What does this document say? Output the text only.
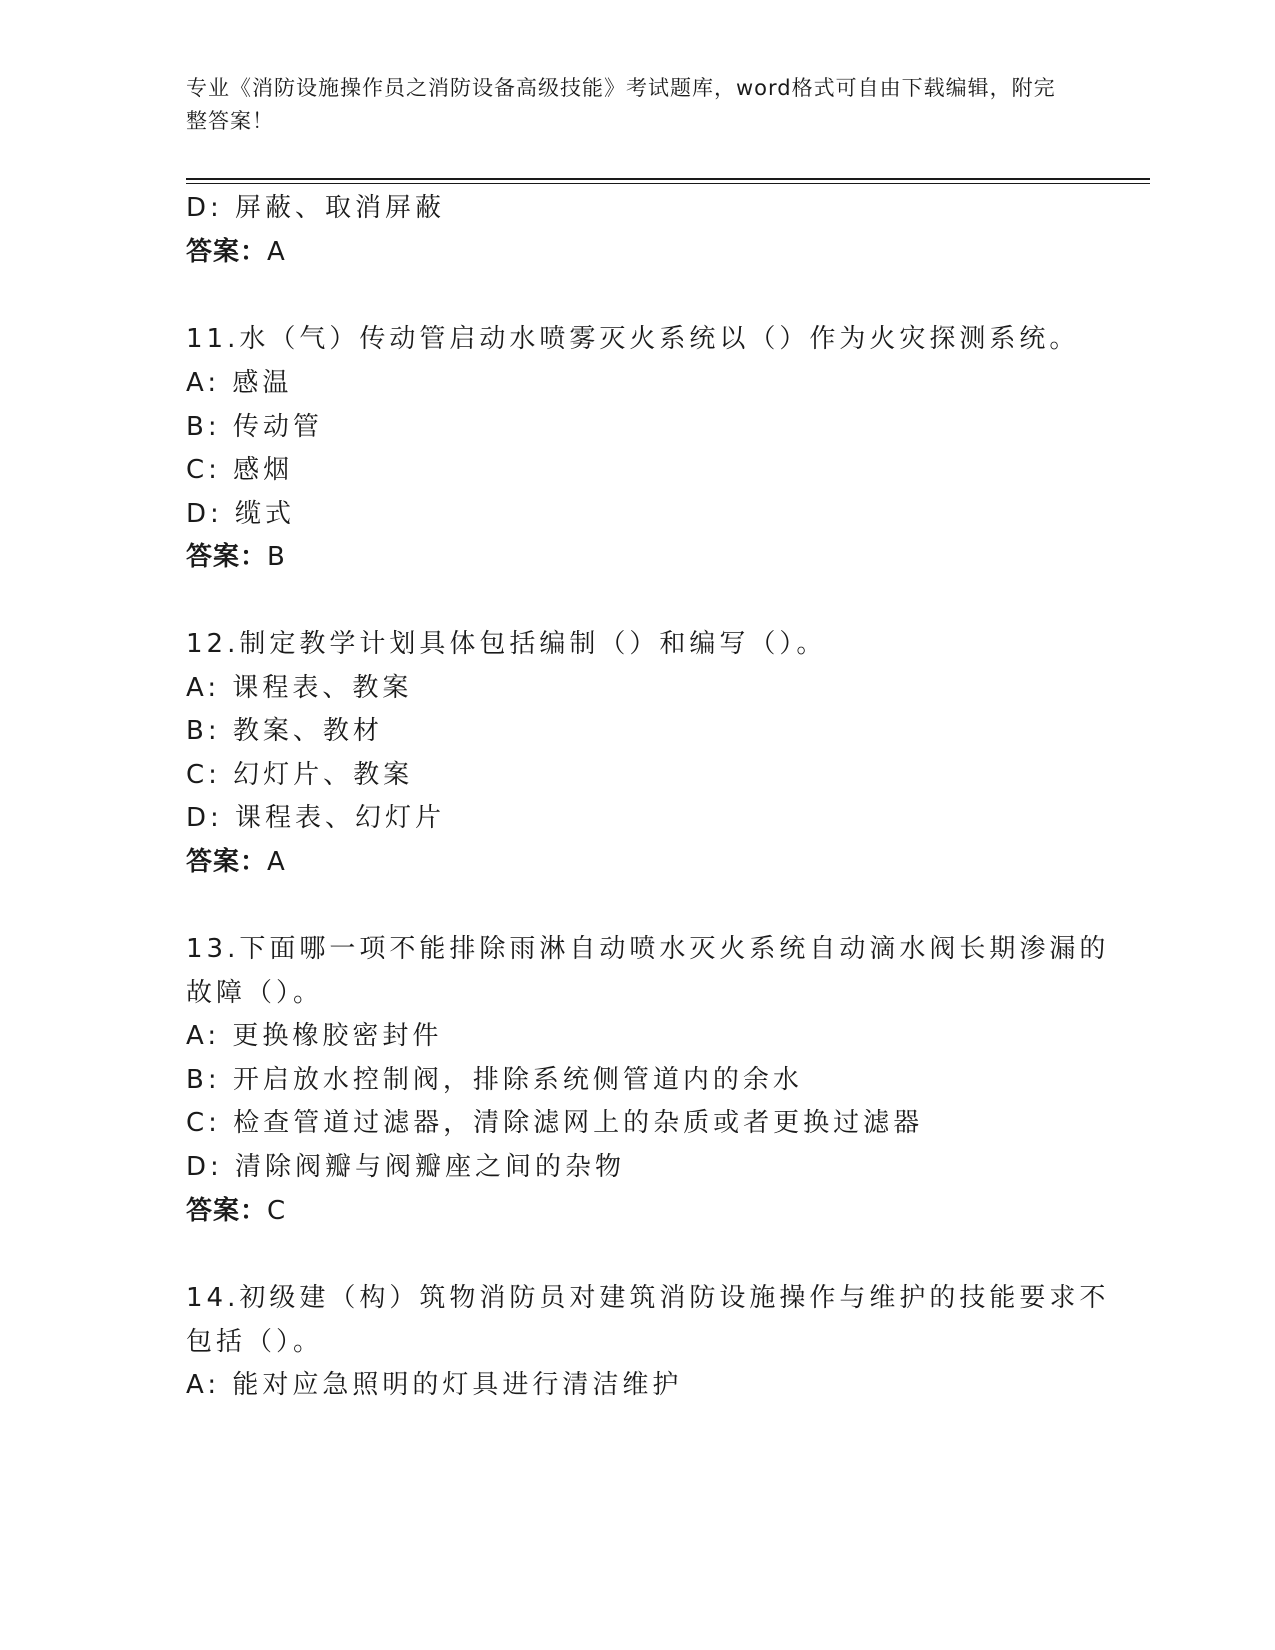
专业《消防设施操作员之消防设备高级技能》考试题库，word格式可自由下载编辑，附完整答案！
D: 屏蔽、取消屏蔽
答案：A
11.水（气）传动管启动水喷雾灭火系统以（）作为火灾探测系统。
A: 感温
B: 传动管
C: 感烟
D: 缆式
答案：B
12.制定教学计划具体包括编制（）和编写（）。
A: 课程表、教案
B: 教案、教材
C: 幻灯片、教案
D: 课程表、幻灯片
答案：A
13.下面哪一项不能排除雨淋自动喷水灭火系统自动滴水阀长期渗漏的
故障（）。
A: 更换橡胶密封件
B: 开启放水控制阀，排除系统侧管道内的余水
C: 检查管道过滤器，清除滤网上的杂质或者更换过滤器
D: 清除阀瓣与阀瓣座之间的杂物
答案：C
14.初级建（构）筑物消防员对建筑消防设施操作与维护的技能要求不
包括（）。
A: 能对应急照明的灯具进行清洁维护
